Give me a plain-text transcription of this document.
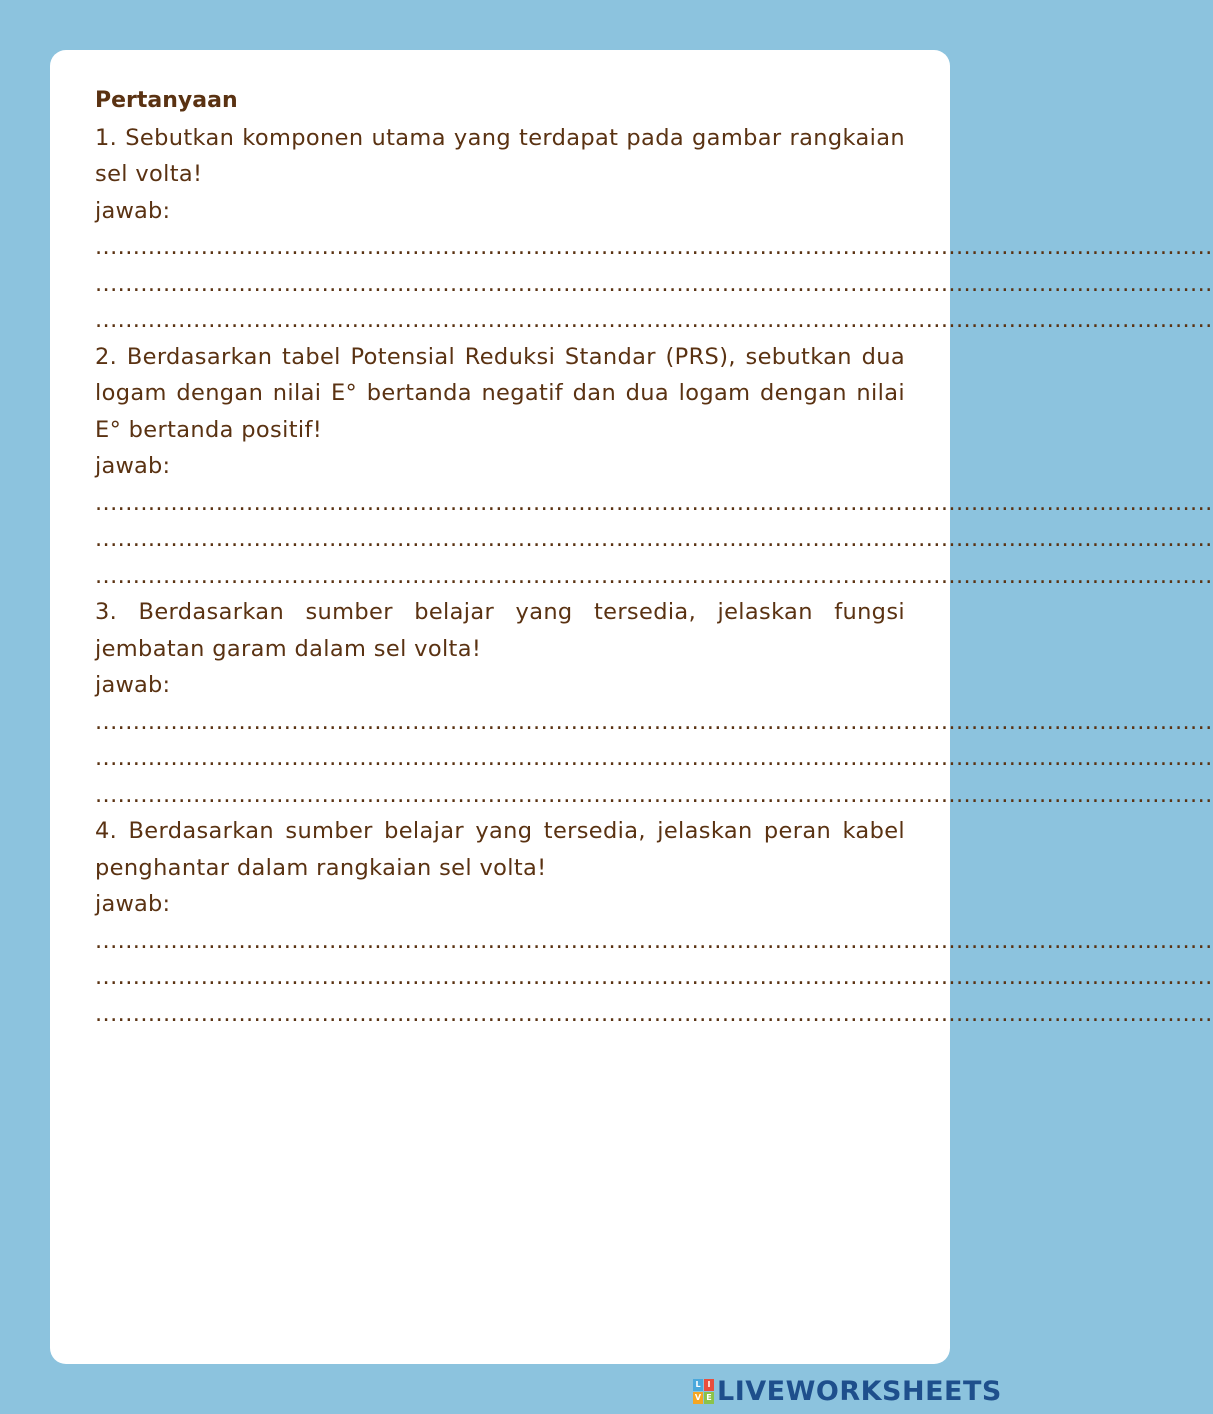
Pertanyaan
1. Sebutkan komponen utama yang terdapat pada gambar rangkaian sel volta!
jawab:
....................................................................................................................................................
....................................................................................................................................................
....................................................................................................................................................
2. Berdasarkan tabel Potensial Reduksi Standar (PRS), sebutkan dua logam dengan nilai E° bertanda negatif dan dua logam dengan nilai E° bertanda positif!
jawab:
....................................................................................................................................................
....................................................................................................................................................
....................................................................................................................................................
3. Berdasarkan sumber belajar yang tersedia, jelaskan fungsi jembatan garam dalam sel volta!
jawab:
....................................................................................................................................................
....................................................................................................................................................
....................................................................................................................................................
4. Berdasarkan sumber belajar yang tersedia, jelaskan peran kabel penghantar dalam rangkaian sel volta!
jawab:
....................................................................................................................................................
....................................................................................................................................................
....................................................................................................................................................
L I
V E LIVEWORKSHEETS
